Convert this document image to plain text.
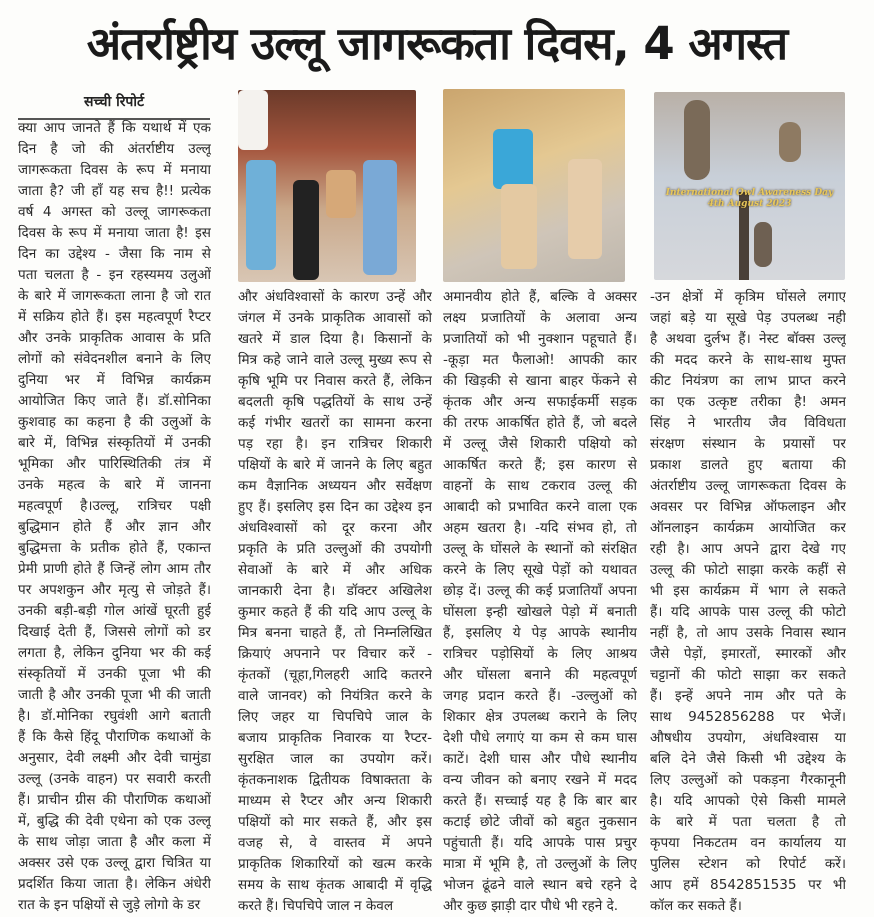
अंतर्राष्ट्रीय उल्लू जागरूकता दिवस, 4 अगस्त
सच्ची रिपोर्ट
International Owl Awareness Day
4th August 2023
क्या आप जानते हैं कि यथार्थ में एक
दिन है जो की अंतर्राष्टीय उल्लू
जागरूकता दिवस के रूप में मनाया
जाता है? जी हाँ यह सच है!! प्रत्येक
वर्ष 4 अगस्त को उल्लू जागरूकता
दिवस के रूप में मनाया जाता है! इस
दिन का उद्देश्य - जैसा कि नाम से
पता चलता है - इन रहस्यमय उलुओं
के बारे में जागरूकता लाना है जो रात
में सक्रिय होते हैं। इस महत्वपूर्ण रैप्टर
और उनके प्राकृतिक आवास के प्रति
लोगों को संवेदनशील बनाने के लिए
दुनिया भर में विभिन्न कार्यक्रम
आयोजित किए जाते हैं। डॉ.सोनिका
कुशवाह का कहना है की उलुओं के
बारे में, विभिन्न संस्कृतियों में उनकी
भूमिका और पारिस्थितिकी तंत्र में
उनके महत्व के बारे में जानना
महत्वपूर्ण है।उल्लू, रात्रिचर पक्षी
बुद्धिमान होते हैं और ज्ञान और
बुद्धिमत्ता के प्रतीक होते हैं, एकान्त
प्रेमी प्राणी होते हैं जिन्हें लोग आम तौर
पर अपशकुन और मृत्यु से जोड़ते हैं।
उनकी बड़ी-बड़ी गोल आंखें घूरती हुई
दिखाई देती हैं, जिससे लोगों को डर
लगता है, लेकिन दुनिया भर की कई
संस्कृतियों में उनकी पूजा भी की
जाती है और उनकी पूजा भी की जाती
है। डॉ.मोनिका रघुवंशी आगे बताती
हैं कि कैसे हिंदू पौराणिक कथाओं के
अनुसार, देवी लक्ष्मी और देवी चामुंडा
उल्लू (उनके वाहन) पर सवारी करती
हैं। प्राचीन ग्रीस की पौराणिक कथाओं
में, बुद्धि की देवी एथेना को एक उल्लू
के साथ जोड़ा जाता है और कला में
अक्सर उसे एक उल्लू द्वारा चित्रित या
प्रदर्शित किया जाता है। लेकिन अंधेरी
रात के इन पक्षियों से जुड़े लोगो के डर
और अंधविश्वासों के कारण उन्हें और
जंगल में उनके प्राकृतिक आवासों को
खतरे में डाल दिया है। किसानों के
मित्र कहे जाने वाले उल्लू मुख्य रूप से
कृषि भूमि पर निवास करते हैं, लेकिन
बदलती कृषि पद्धतियों के साथ उन्हें
कई गंभीर खतरों का सामना करना
पड़ रहा है। इन रात्रिचर शिकारी
पक्षियों के बारे में जानने के लिए बहुत
कम वैज्ञानिक अध्ययन और सर्वेक्षण
हुए हैं। इसलिए इस दिन का उद्देश्य इन
अंधविश्वासों को दूर करना और
प्रकृति के प्रति उल्लुओं की उपयोगी
सेवाओं के बारे में और अधिक
जानकारी देना है। डॉक्टर अखिलेश
कुमार कहते हैं की यदि आप उल्लू के
मित्र बनना चाहते हैं, तो निम्नलिखित
क्रियाएं अपनाने पर विचार करें -
कृंतकों (चूहा,गिलहरी आदि कतरने
वाले जानवर) को नियंत्रित करने के
लिए जहर या चिपचिपे जाल के
बजाय प्राकृतिक निवारक या रैप्टर-
सुरक्षित जाल का उपयोग करें।
कृंतकनाशक द्वितीयक विषाक्तता के
माध्यम से रैप्टर और अन्य शिकारी
पक्षियों को मार सकते हैं, और इस
वजह से, वे वास्तव में अपने
प्राकृतिक शिकारियों को खत्म करके
समय के साथ कृंतक आबादी में वृद्धि
करते हैं। चिपचिपे जाल न केवल
अमानवीय होते हैं, बल्कि वे अक्सर
लक्ष्य प्रजातियों के अलावा अन्य
प्रजातियों को भी नुक्शान पहूचाते हैं।
-कूड़ा मत फैलाओ! आपकी कार
की खिड़की से खाना बाहर फेंकने से
कृंतक और अन्य सफाईकर्मी सड़क
की तरफ आकर्षित होते हैं, जो बदले
में उल्लू जैसे शिकारी पक्षियो को
आकर्षित करते हैं; इस कारण से
वाहनों के साथ टकराव उल्लू की
आबादी को प्रभावित करने वाला एक
अहम खतरा है। -यदि संभव हो, तो
उल्लू के घोंसले के स्थानों को संरक्षित
करने के लिए सूखे पेड़ों को यथावत
छोड़ दें। उल्लू की कई प्रजातियाँ अपना
घोंसला इन्ही खोखले पेड़ो में बनाती
हैं, इसलिए ये पेड़ आपके स्थानीय
रात्रिचर पड़ोसियों के लिए आश्रय
और घोंसला बनाने की महत्वपूर्ण
जगह प्रदान करते हैं। -उल्लुओं को
शिकार क्षेत्र उपलब्ध कराने के लिए
देशी पौधे लगाएं या कम से कम घास
काटें। देशी घास और पौधे स्थानीय
वन्य जीवन को बनाए रखने में मदद
करते हैं। सच्चाई यह है कि बार बार
कटाई छोटे जीवों को बहुत नुकसान
पहुंचाती हैं। यदि आपके पास प्रचुर
मात्रा में भूमि है, तो उल्लुओं के लिए
भोजन ढूंढने वाले स्थान बचे रहने दे
और कुछ झाड़ी दार पौधे भी रहने दे.
-उन क्षेत्रों में कृत्रिम घोंसले लगाए
जहां बड़े या सूखे पेड़ उपलब्ध नही
है अथवा दुर्लभ हैं। नेस्ट बॉक्स उल्लू
की मदद करने के साथ-साथ मुफ्त
कीट नियंत्रण का लाभ प्राप्त करने
का एक उत्कृष्ट तरीका है! अमन
सिंह ने भारतीय जैव विविधता
संरक्षण संस्थान के प्रयासों पर
प्रकाश डालते हुए बताया की
अंतर्राष्टीय उल्लू जागरूकता दिवस के
अवसर पर विभिन्न ऑफलाइन और
ऑनलाइन कार्यक्रम आयोजित कर
रही है। आप अपने द्वारा देखे गए
उल्लू की फोटो साझा करके कहीं से
भी इस कार्यक्रम में भाग ले सकते
हैं। यदि आपके पास उल्लू की फोटो
नहीं है, तो आप उसके निवास स्थान
जैसे पेड़ों, इमारतों, स्मारकों और
चट्टानों की फोटो साझा कर सकते
हैं। इन्हें अपने नाम और पते के
साथ 9452856288 पर भेजें।
औषधीय उपयोग, अंधविश्वास या
बलि देने जैसे किसी भी उद्देश्य के
लिए उल्लुओं को पकड़ना गैरकानूनी
है। यदि आपको ऐसे किसी मामले
के बारे में पता चलता है तो
कृपया निकटतम वन कार्यालय या
पुलिस स्टेशन को रिपोर्ट करें।
आप हमें 8542851535 पर भी
कॉल कर सकते हैं।
